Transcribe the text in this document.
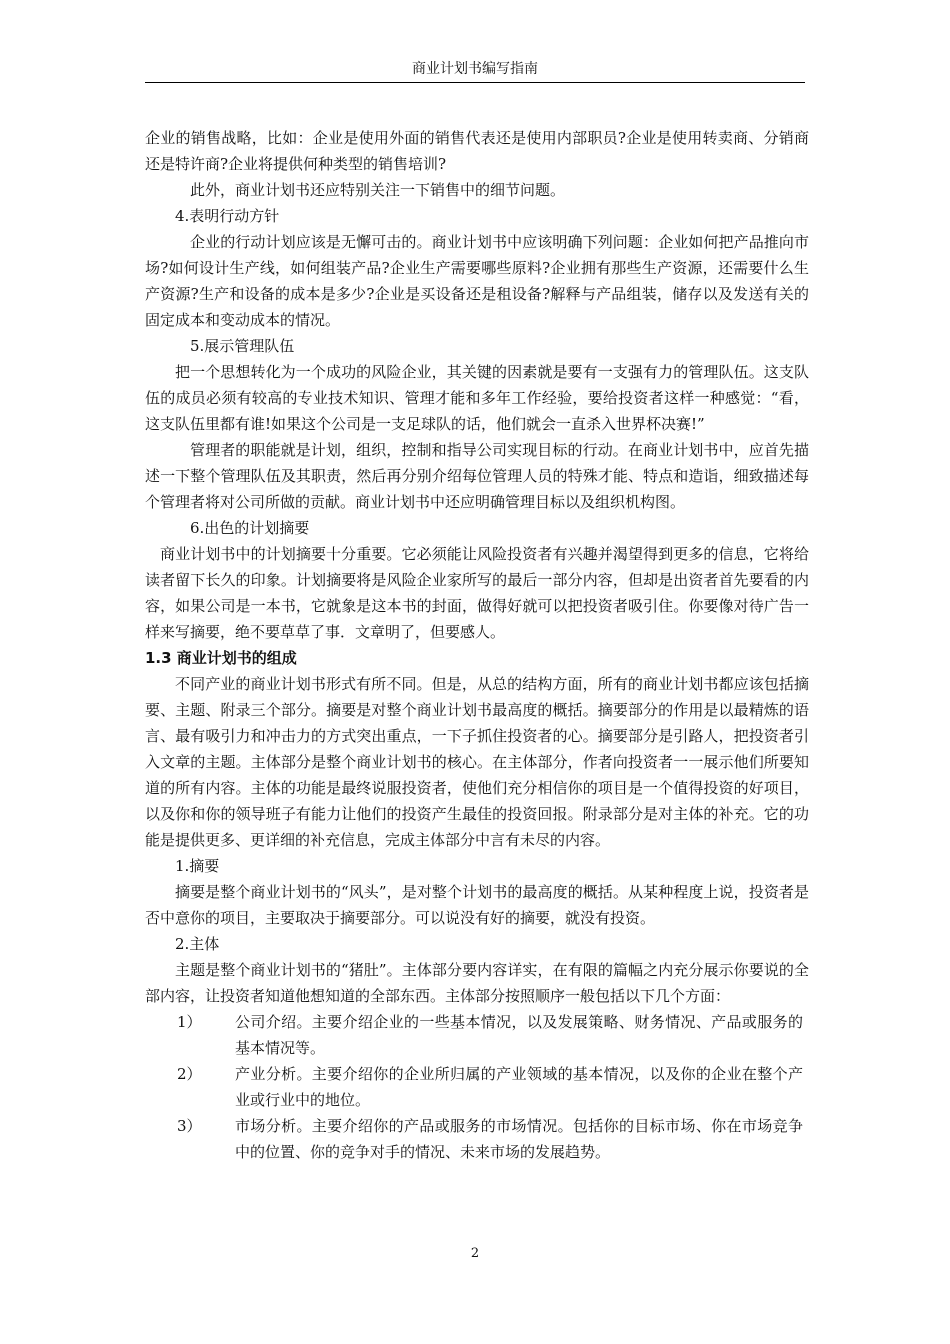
商业计划书编写指南

企业的销售战略，比如：企业是使用外面的销售代表还是使用内部职员?企业是使用转卖商、分销商还是特许商?企业将提供何种类型的销售培训?

此外，商业计划书还应特别关注一下销售中的细节问题。

4.表明行动方针

企业的行动计划应该是无懈可击的。商业计划书中应该明确下列问题：企业如何把产品推向市场?如何设计生产线，如何组装产品?企业生产需要哪些原料?企业拥有那些生产资源，还需要什么生产资源?生产和设备的成本是多少?企业是买设备还是租设备?解释与产品组装，储存以及发送有关的固定成本和变动成本的情况。

5.展示管理队伍

把一个思想转化为一个成功的风险企业，其关键的因素就是要有一支强有力的管理队伍。这支队伍的成员必须有较高的专业技术知识、管理才能和多年工作经验，要给投资者这样一种感觉：“看，这支队伍里都有谁!如果这个公司是一支足球队的话，他们就会一直杀入世界杯决赛!”

管理者的职能就是计划，组织，控制和指导公司实现目标的行动。在商业计划书中，应首先描述一下整个管理队伍及其职责，然后再分别介绍每位管理人员的特殊才能、特点和造诣，细致描述每个管理者将对公司所做的贡献。商业计划书中还应明确管理目标以及组织机构图。

6.出色的计划摘要

商业计划书中的计划摘要十分重要。它必须能让风险投资者有兴趣并渴望得到更多的信息，它将给读者留下长久的印象。计划摘要将是风险企业家所写的最后一部分内容，但却是出资者首先要看的内容，如果公司是一本书，它就象是这本书的封面，做得好就可以把投资者吸引住。你要像对待广告一样来写摘要，绝不要草草了事．文章明了，但要感人。

1.3 商业计划书的组成

不同产业的商业计划书形式有所不同。但是，从总的结构方面，所有的商业计划书都应该包括摘要、主题、附录三个部分。摘要是对整个商业计划书最高度的概括。摘要部分的作用是以最精炼的语言、最有吸引力和冲击力的方式突出重点，一下子抓住投资者的心。摘要部分是引路人，把投资者引入文章的主题。主体部分是整个商业计划书的核心。在主体部分，作者向投资者一一展示他们所要知道的所有内容。主体的功能是最终说服投资者，使他们充分相信你的项目是一个值得投资的好项目，以及你和你的领导班子有能力让他们的投资产生最佳的投资回报。附录部分是对主体的补充。它的功能是提供更多、更详细的补充信息，完成主体部分中言有未尽的内容。

1.摘要

摘要是整个商业计划书的“风头”，是对整个计划书的最高度的概括。从某种程度上说，投资者是否中意你的项目，主要取决于摘要部分。可以说没有好的摘要，就没有投资。

2.主体

主题是整个商业计划书的“猪肚”。主体部分要内容详实，在有限的篇幅之内充分展示你要说的全部内容，让投资者知道他想知道的全部东西。主体部分按照顺序一般包括以下几个方面：

1）	公司介绍。主要介绍企业的一些基本情况，以及发展策略、财务情况、产品或服务的基本情况等。
2）	产业分析。主要介绍你的企业所归属的产业领域的基本情况，以及你的企业在整个产业或行业中的地位。
3）	市场分析。主要介绍你的产品或服务的市场情况。包括你的目标市场、你在市场竞争中的位置、你的竞争对手的情况、未来市场的发展趋势。
2
